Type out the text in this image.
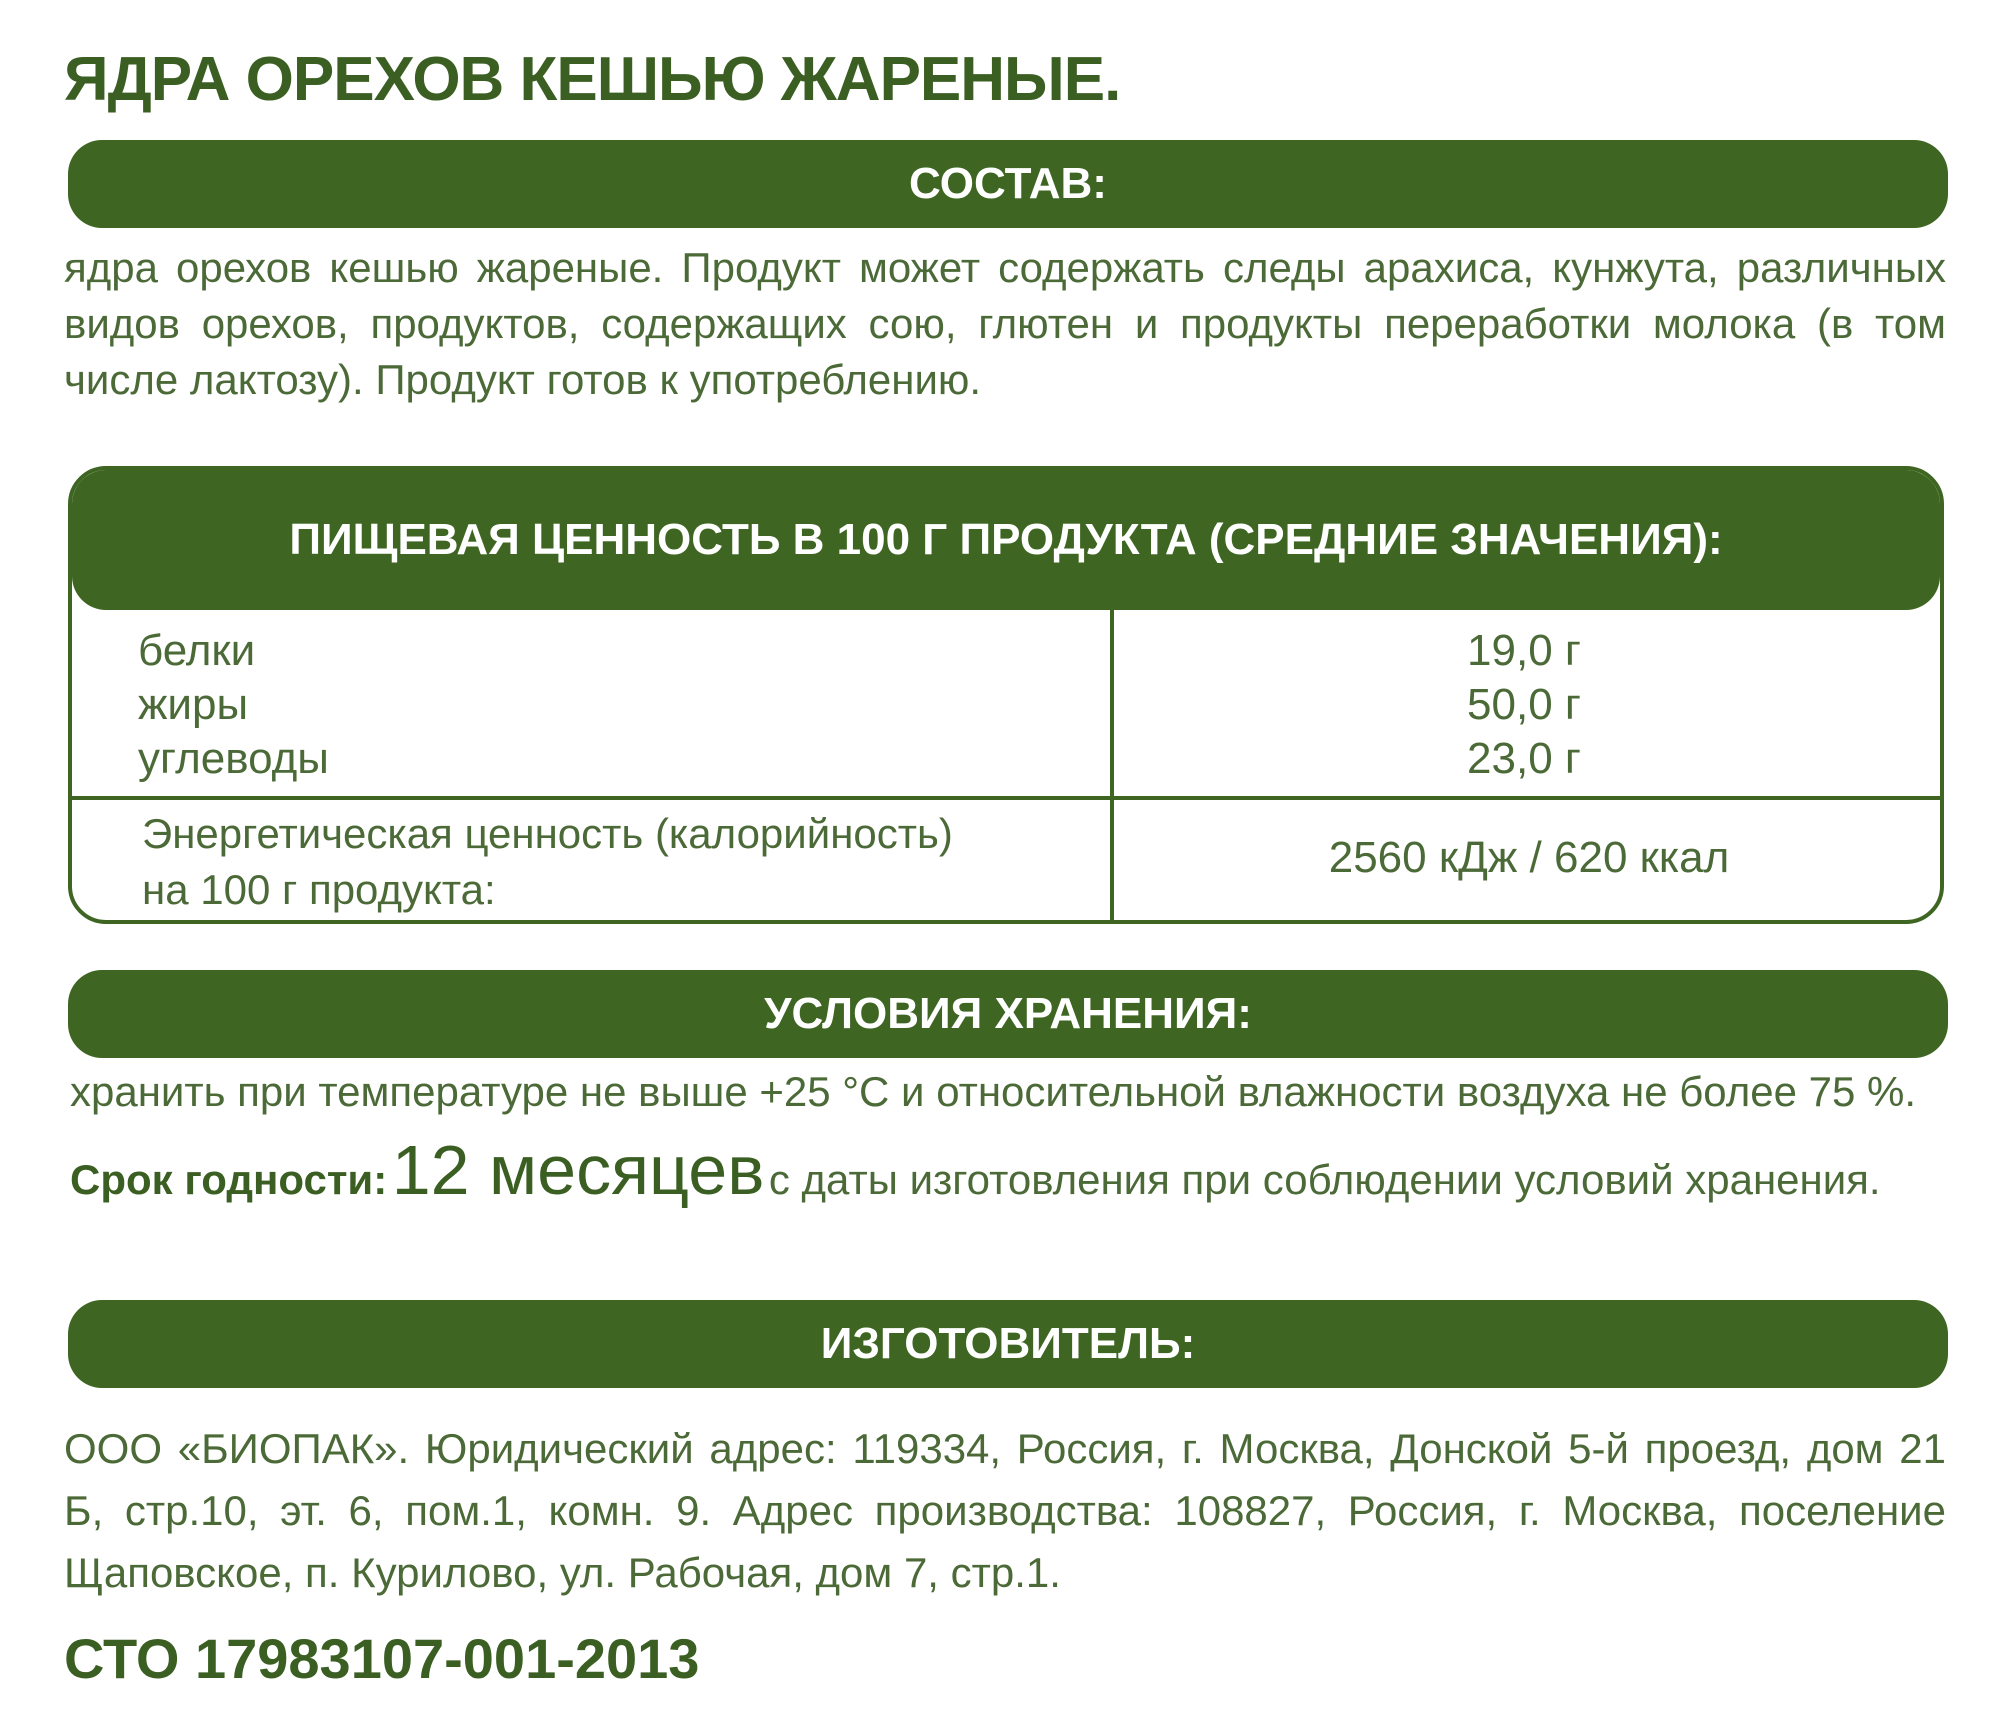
ЯДРА ОРЕХОВ КЕШЬЮ ЖАРЕНЫЕ.
СОСТАВ:
ядра орехов кешью жареные. Продукт может содержать следы арахиса, кунжута, различных видов орехов, продуктов, содержащих сою, глютен и продукты переработки молока (в том числе лактозу). Продукт готов к употреблению.
ПИЩЕВАЯ ЦЕННОСТЬ В 100 Г ПРОДУКТА (СРЕДНИЕ ЗНАЧЕНИЯ):
белки
жиры
углеводы
19,0 г
50,0 г
23,0 г
Энергетическая ценность (калорийность)
на 100 г продукта:
2560 кДж / 620 ккал
УСЛОВИЯ ХРАНЕНИЯ:
хранить при температуре не выше +25 °С и относительной влажности воздуха не более 75 %.
Срок годности: 12 месяцев с даты изготовления при соблюдении условий хранения.
ИЗГОТОВИТЕЛЬ:
ООО «БИОПАК». Юридический адрес: 119334, Россия, г. Москва, Донской 5-й проезд, дом 21 Б, стр.10, эт. 6, пом.1, комн. 9. Адрес производства: 108827, Россия, г. Москва, поселение Щаповское, п. Курилово, ул. Рабочая, дом 7, стр.1.
СТО 17983107-001-2013
